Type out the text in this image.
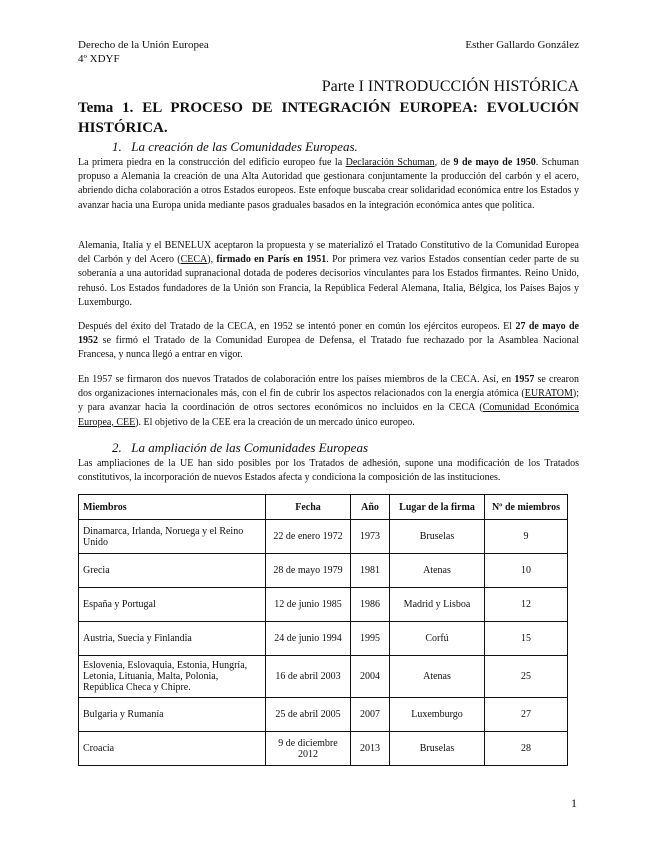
Derecho de la Unión Europea
4º XDYF
Esther Gallardo González
Parte I INTRODUCCIÓN HISTÓRICA
Tema 1. EL PROCESO DE INTEGRACIÓN EUROPEA: EVOLUCIÓN HISTÓRICA.
1. La creación de las Comunidades Europeas.

La primera piedra en la construcción del edificio europeo fue la Declaración Schuman, de 9 de mayo de 1950. Schuman propuso a Alemania la creación de una Alta Autoridad que gestionara conjuntamente la producción del carbón y el acero, abriendo dicha colaboración a otros Estados europeos. Este enfoque buscaba crear solidaridad económica entre los Estados y avanzar hacia una Europa unida mediante pasos graduales basados en la integración económica antes que política.

Alemania, Italia y el BENELUX aceptaron la propuesta y se materializó el Tratado Constitutivo de la Comunidad Europea del Carbón y del Acero (CECA), firmado en París en 1951. Por primera vez varios Estados consentían ceder parte de su soberanía a una autoridad supranacional dotada de poderes decisorios vinculantes para los Estados firmantes. Reino Unido, rehusó. Los Estados fundadores de la Unión son Francia, la República Federal Alemana, Italia, Bélgica, los Países Bajos y Luxemburgo.

Después del éxito del Tratado de la CECA, en 1952 se intentó poner en común los ejércitos europeos. El 27 de mayo de 1952 se firmó el Tratado de la Comunidad Europea de Defensa, el Tratado fue rechazado por la Asamblea Nacional Francesa, y nunca llegó a entrar en vigor.

En 1957 se firmaron dos nuevos Tratados de colaboración entre los países miembros de la CECA. Así, en 1957 se crearon dos organizaciones internacionales más, con el fin de cubrir los aspectos relacionados con la energía atómica (EURATOM); y para avanzar hacia la coordinación de otros sectores económicos no incluidos en la CECA (Comunidad Económica Europea, CEE). El objetivo de la CEE era la creación de un mercado único europeo.

2. La ampliación de las Comunidades Europeas

Las ampliaciones de la UE han sido posibles por los Tratados de adhesión, supone una modificación de los Tratados constitutivos, la incorporación de nuevos Estados afecta y condiciona la composición de las instituciones.

Miembros	Fecha	Año	Lugar de la firma	Nº de miembros
Dinamarca, Irlanda, Noruega y el Reino Unido	22 de enero 1972	1973	Bruselas	9
Grecia	28 de mayo 1979	1981	Atenas	10
España y Portugal	12 de junio 1985	1986	Madrid y Lisboa	12
Austria, Suecia y Finlandia	24 de junio 1994	1995	Corfú	15
Eslovenia, Eslovaquia, Estonia, Hungría, Letonia, Lituania, Malta, Polonia, República Checa y Chipre.	16 de abril 2003	2004	Atenas	25
Bulgaria y Rumanía	25 de abril 2005	2007	Luxemburgo	27
Croacia	9 de diciembre 2012	2013	Bruselas	28
1
